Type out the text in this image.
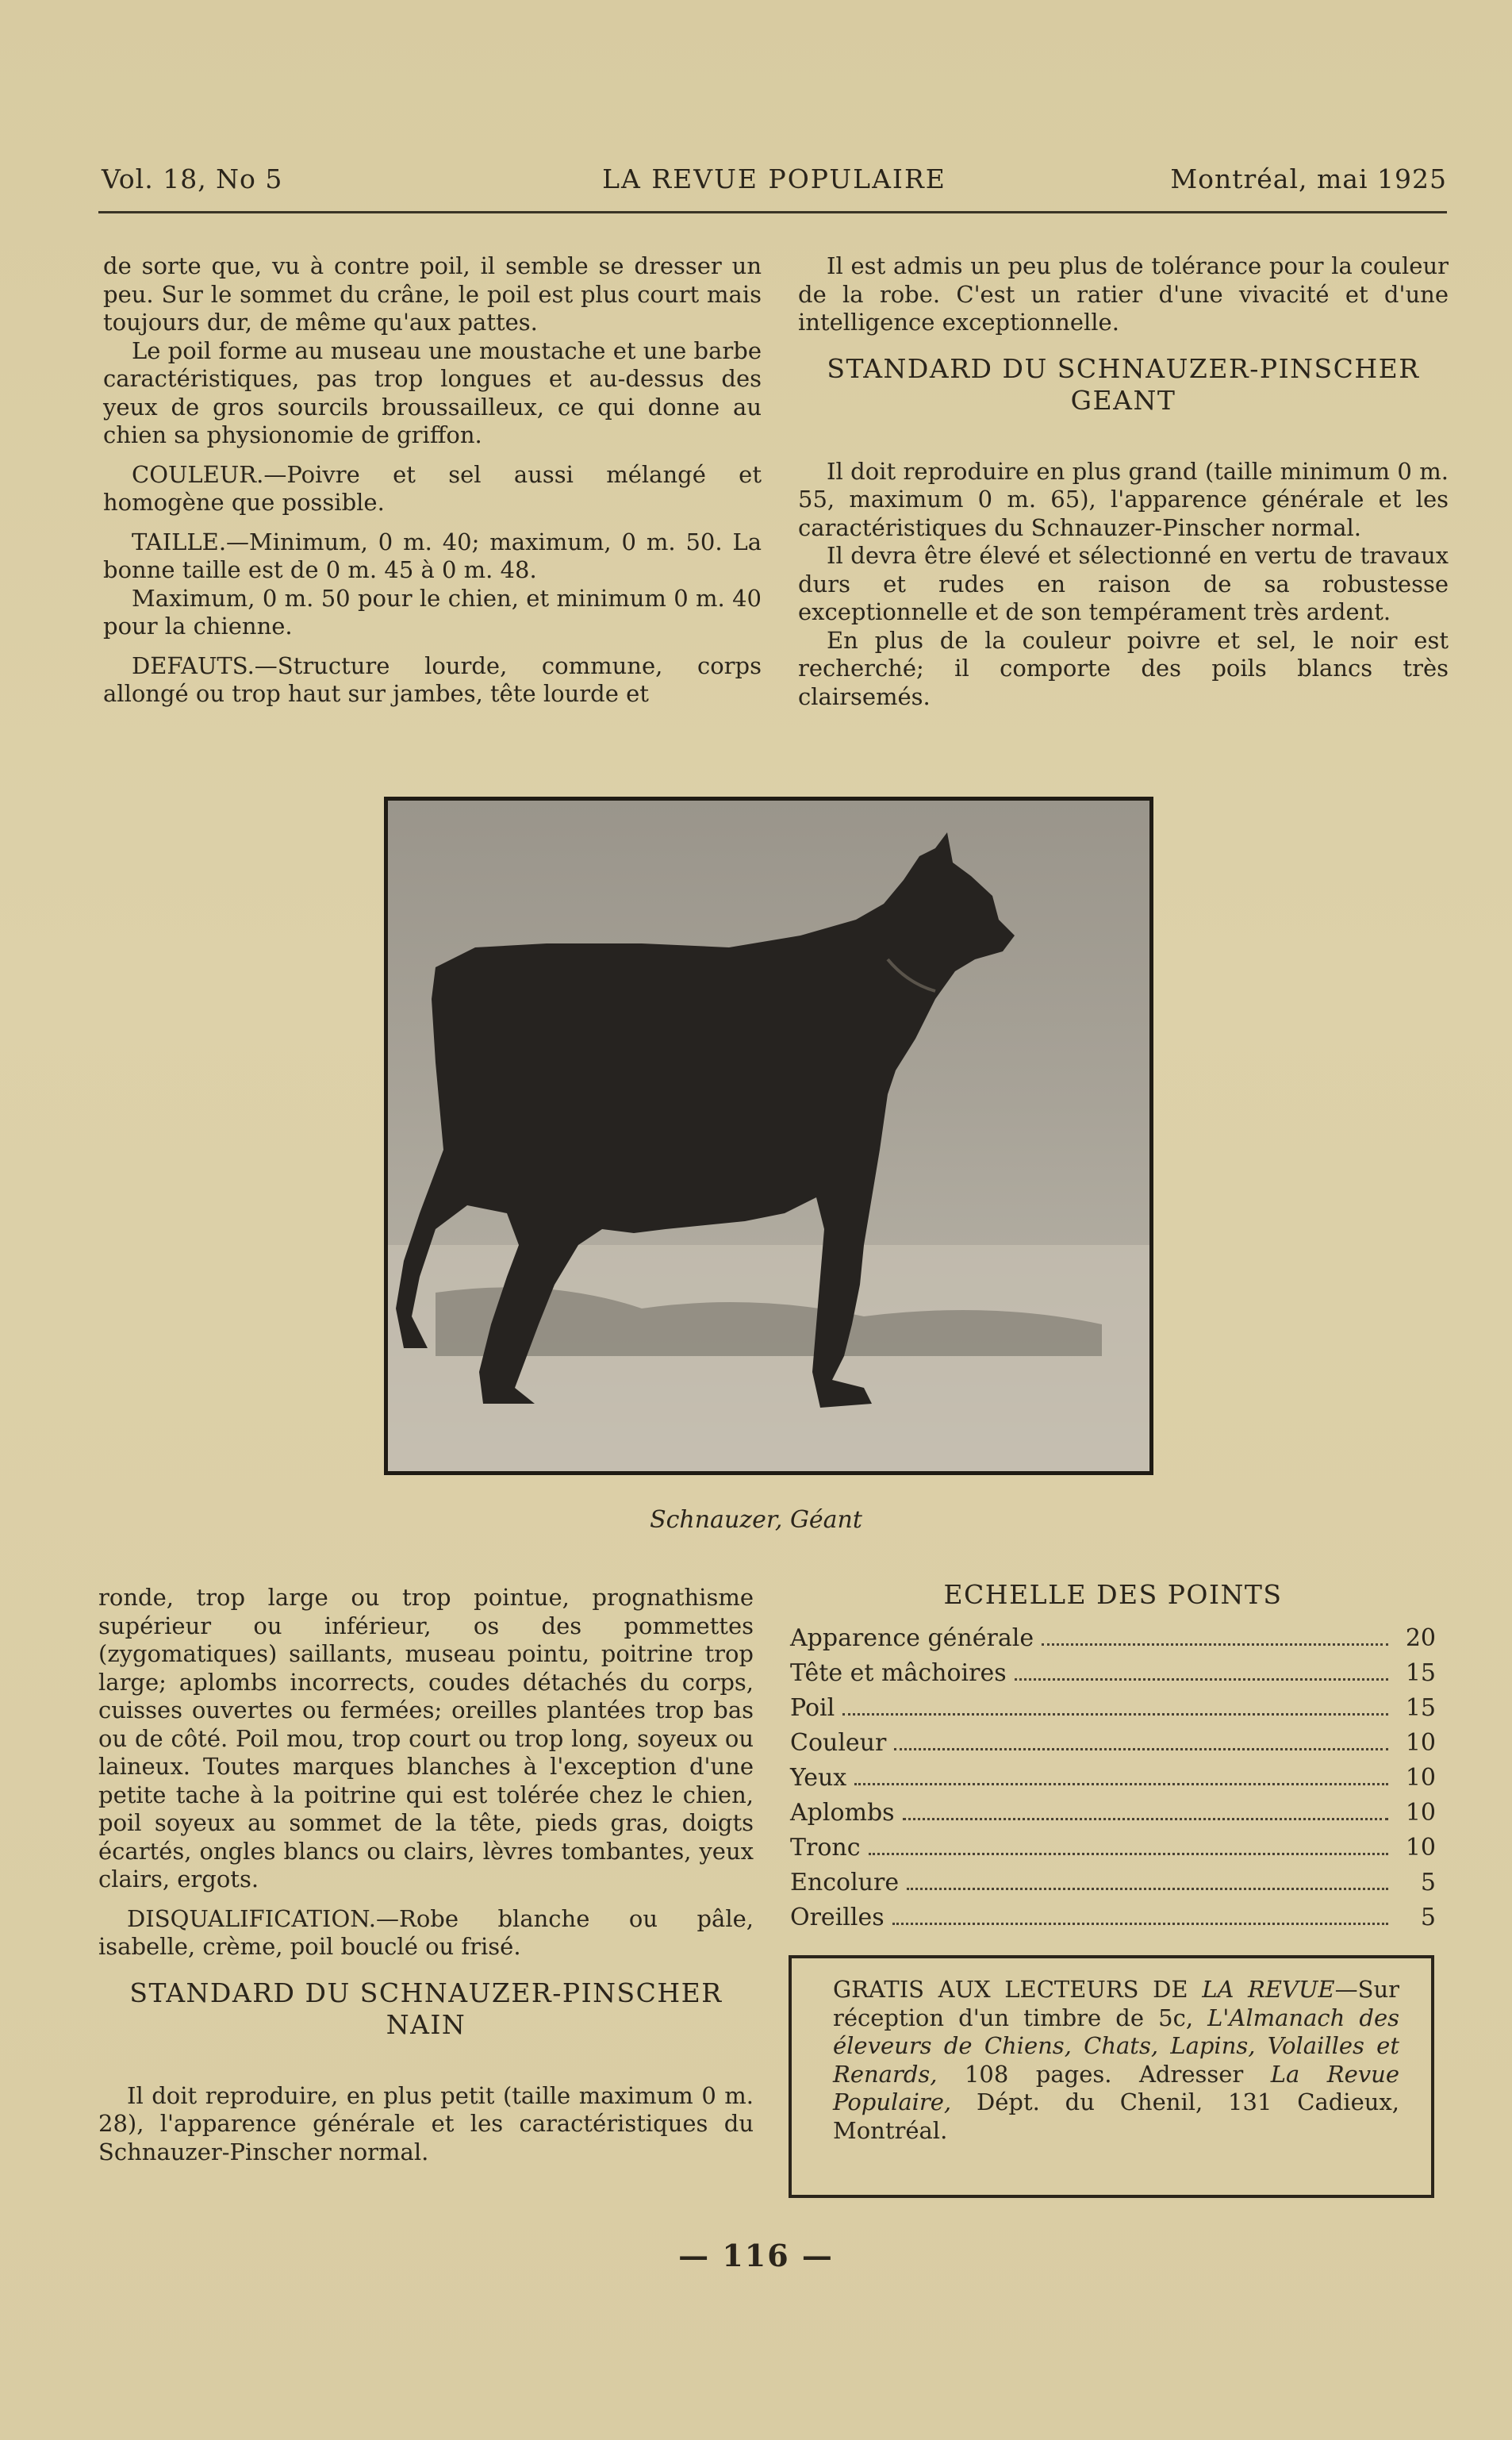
Vol. 18, No 5	LA REVUE POPULAIRE	Montréal, mai 1925

de sorte que, vu à contre poil, il semble se dresser un peu. Sur le sommet du crâne, le poil est plus court mais toujours dur, de même qu'aux pattes.

Le poil forme au museau une moustache et une barbe caractéristiques, pas trop longues et au-dessus des yeux de gros sourcils broussailleux, ce qui donne au chien sa physionomie de griffon.

COULEUR.—Poivre et sel aussi mélangé et homogène que possible.

TAILLE.—Minimum, 0 m. 40; maximum, 0 m. 50. La bonne taille est de 0 m. 45 à 0 m. 48.

Maximum, 0 m. 50 pour le chien, et minimum 0 m. 40 pour la chienne.

DEFAUTS.—Structure lourde, commune, corps allongé ou trop haut sur jambes, tête lourde et

Il est admis un peu plus de tolérance pour la couleur de la robe. C'est un ratier d'une vivacité et d'une intelligence exceptionnelle.

STANDARD DU SCHNAUZER-PINSCHER GEANT

Il doit reproduire en plus grand (taille minimum 0 m. 55, maximum 0 m. 65), l'apparence générale et les caractéristiques du Schnauzer-Pinscher normal.

Il devra être élevé et sélectionné en vertu de travaux durs et rudes en raison de sa robustesse exceptionnelle et de son tempérament très ardent.

En plus de la couleur poivre et sel, le noir est recherché; il comporte des poils blancs très clairsemés.

Schnauzer, Géant

ronde, trop large ou trop pointue, prognathisme supérieur ou inférieur, os des pommettes (zygomatiques) saillants, museau pointu, poitrine trop large; aplombs incorrects, coudes détachés du corps, cuisses ouvertes ou fermées; oreilles plantées trop bas ou de côté. Poil mou, trop court ou trop long, soyeux ou laineux. Toutes marques blanches à l'exception d'une petite tache à la poitrine qui est tolérée chez le chien, poil soyeux au sommet de la tête, pieds gras, doigts écartés, ongles blancs ou clairs, lèvres tombantes, yeux clairs, ergots.

DISQUALIFICATION.—Robe blanche ou pâle, isabelle, crème, poil bouclé ou frisé.

STANDARD DU SCHNAUZER-PINSCHER NAIN

Il doit reproduire, en plus petit (taille maximum 0 m. 28), l'apparence générale et les caractéristiques du Schnauzer-Pinscher normal.

ECHELLE DES POINTS
Apparence générale	20
Tête et mâchoires	15
Poil	15
Couleur	10
Yeux	10
Aplombs	10
Tronc	10
Encolure	5
Oreilles	5
GRATIS AUX LECTEURS DE LA REVUE—Sur réception d'un timbre de 5c, L'Almanach des éleveurs de Chiens, Chats, Lapins, Volailles et Renards, 108 pages. Adresser La Revue Populaire, Dépt. du Chenil, 131 Cadieux, Montréal.
— 116 —
